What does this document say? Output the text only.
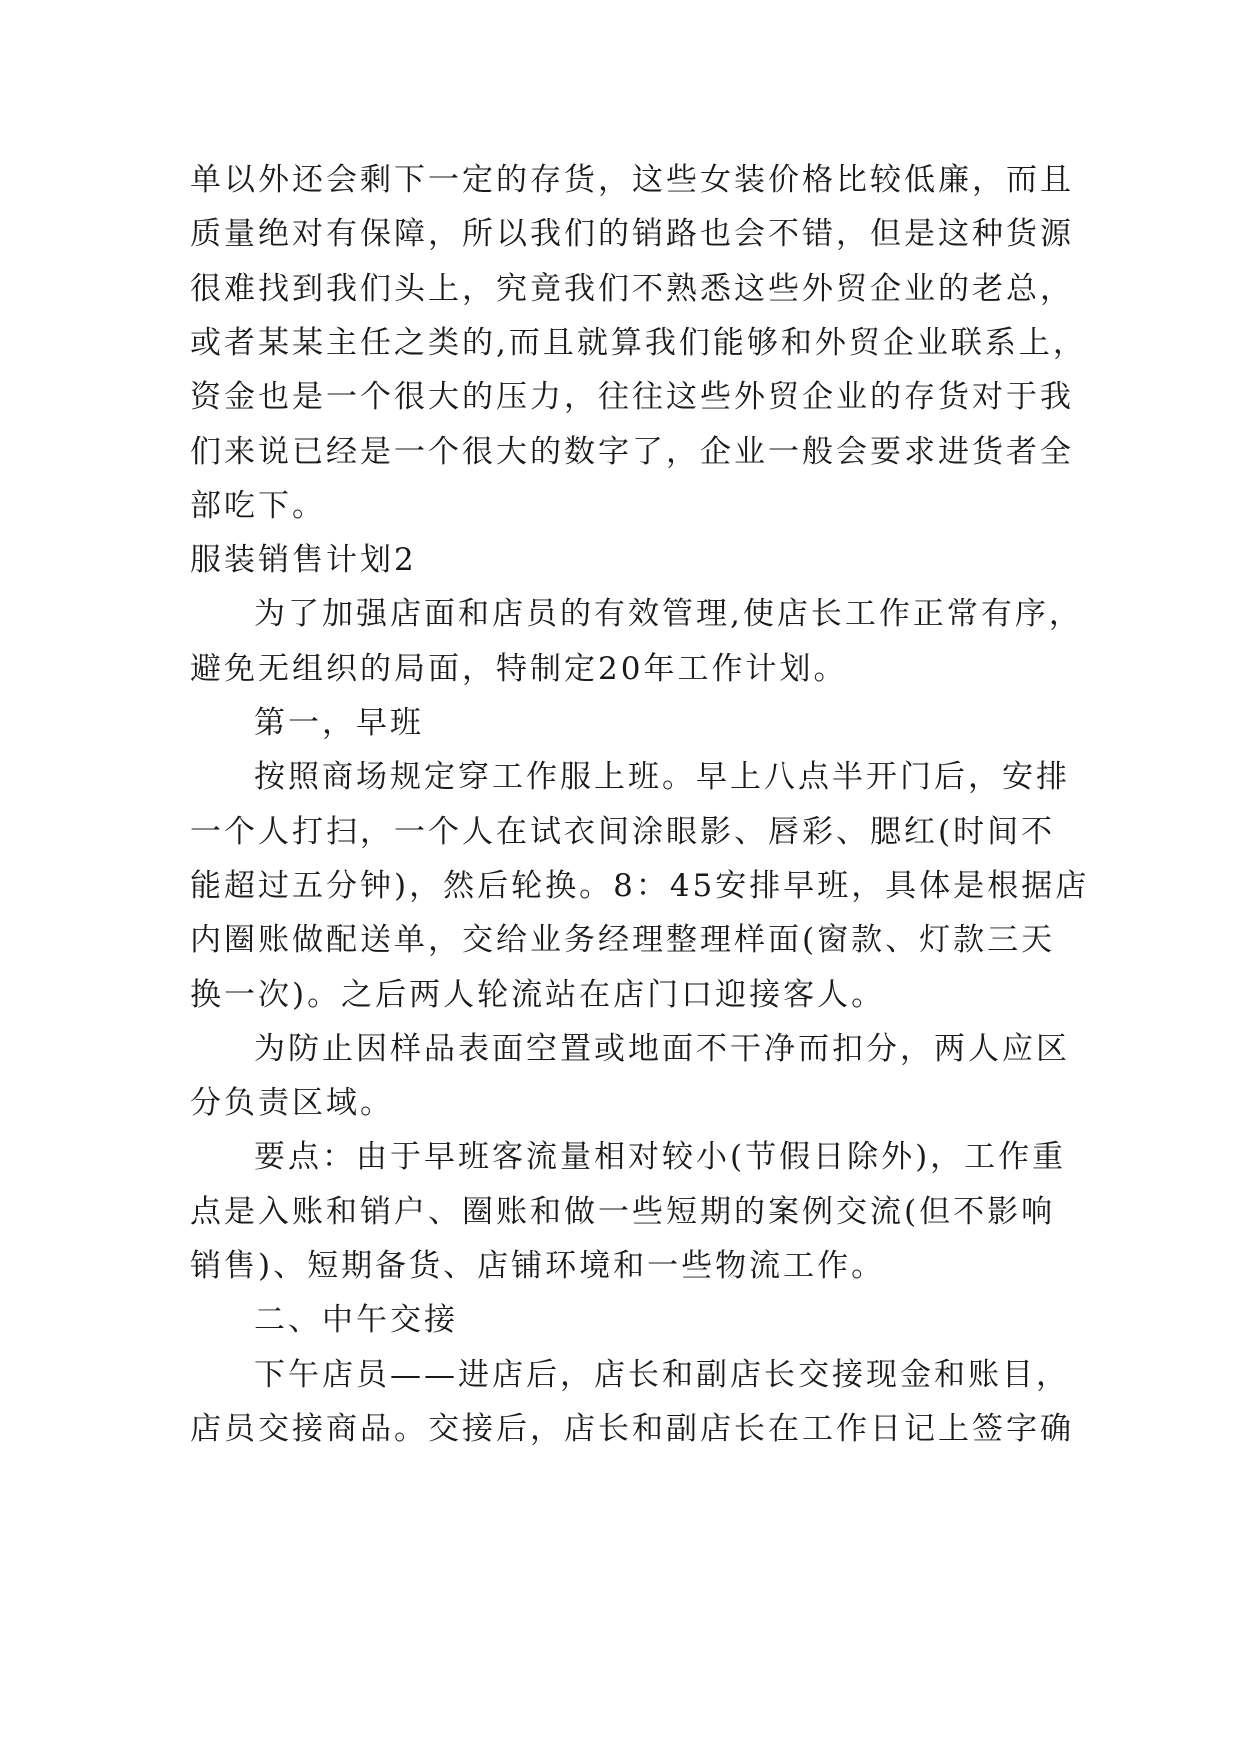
单以外还会剩下一定的存货，这些女装价格比较低廉，而且
质量绝对有保障，所以我们的销路也会不错，但是这种货源
很难找到我们头上，究竟我们不熟悉这些外贸企业的老总，
或者某某主任之类的,而且就算我们能够和外贸企业联系上，
资金也是一个很大的压力，往往这些外贸企业的存货对于我
们来说已经是一个很大的数字了，企业一般会要求进货者全
部吃下。
服装销售计划2
为了加强店面和店员的有效管理,使店长工作正常有序，
避免无组织的局面，特制定20年工作计划。
第一，早班
按照商场规定穿工作服上班。早上八点半开门后，安排
一个人打扫，一个人在试衣间涂眼影、唇彩、腮红(时间不
能超过五分钟)，然后轮换。8：45安排早班，具体是根据店
内圈账做配送单，交给业务经理整理样面(窗款、灯款三天
换一次)。之后两人轮流站在店门口迎接客人。
为防止因样品表面空置或地面不干净而扣分，两人应区
分负责区域。
要点：由于早班客流量相对较小(节假日除外)，工作重
点是入账和销户、圈账和做一些短期的案例交流(但不影响
销售)、短期备货、店铺环境和一些物流工作。
二、中午交接
下午店员——进店后，店长和副店长交接现金和账目，
店员交接商品。交接后，店长和副店长在工作日记上签字确
